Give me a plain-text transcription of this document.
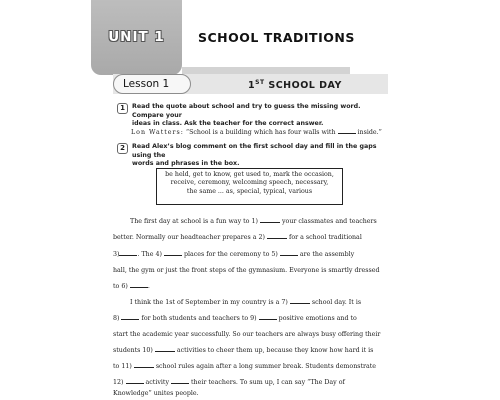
UNIT 1	SCHOOL TRADITIONS
Lesson 1	1ST SCHOOL DAY
1	Read the quote about school and try to guess the missing word. Compare your
ideas in class. Ask the teacher for the correct answer.
Lon Watters: “School is a building which has four walls with	inside.”
2	Read Alex’s blog comment on the first school day and fill in the gaps using the
words and phrases in the box.
be held, get to know, get used to, mark the occasion,
receive, ceremony, welcoming speech, necessary,
the same ... as, special, typical, various
The first day at school is a fun way to 1)	your classmates and teachers
better. Normally our headteacher prepares a 2)	for a school traditional
3)	. The 4)	places for the ceremony to 5)	are the assembly
hall, the gym or just the front steps of the gymnasium. Everyone is smartly dressed
to 6)	.
I think the 1st of September in my country is a 7)	school day. It is
8)	for both students and teachers to 9)	positive emotions and to
start the academic year successfully. So our teachers are always busy offering their
students 10)	activities to cheer them up, because they know how hard it is
to 11)	school rules again after a long summer break. Students demonstrate
12)	activity	their teachers. To sum up, I can say “The Day of
Knowledge” unites people.
